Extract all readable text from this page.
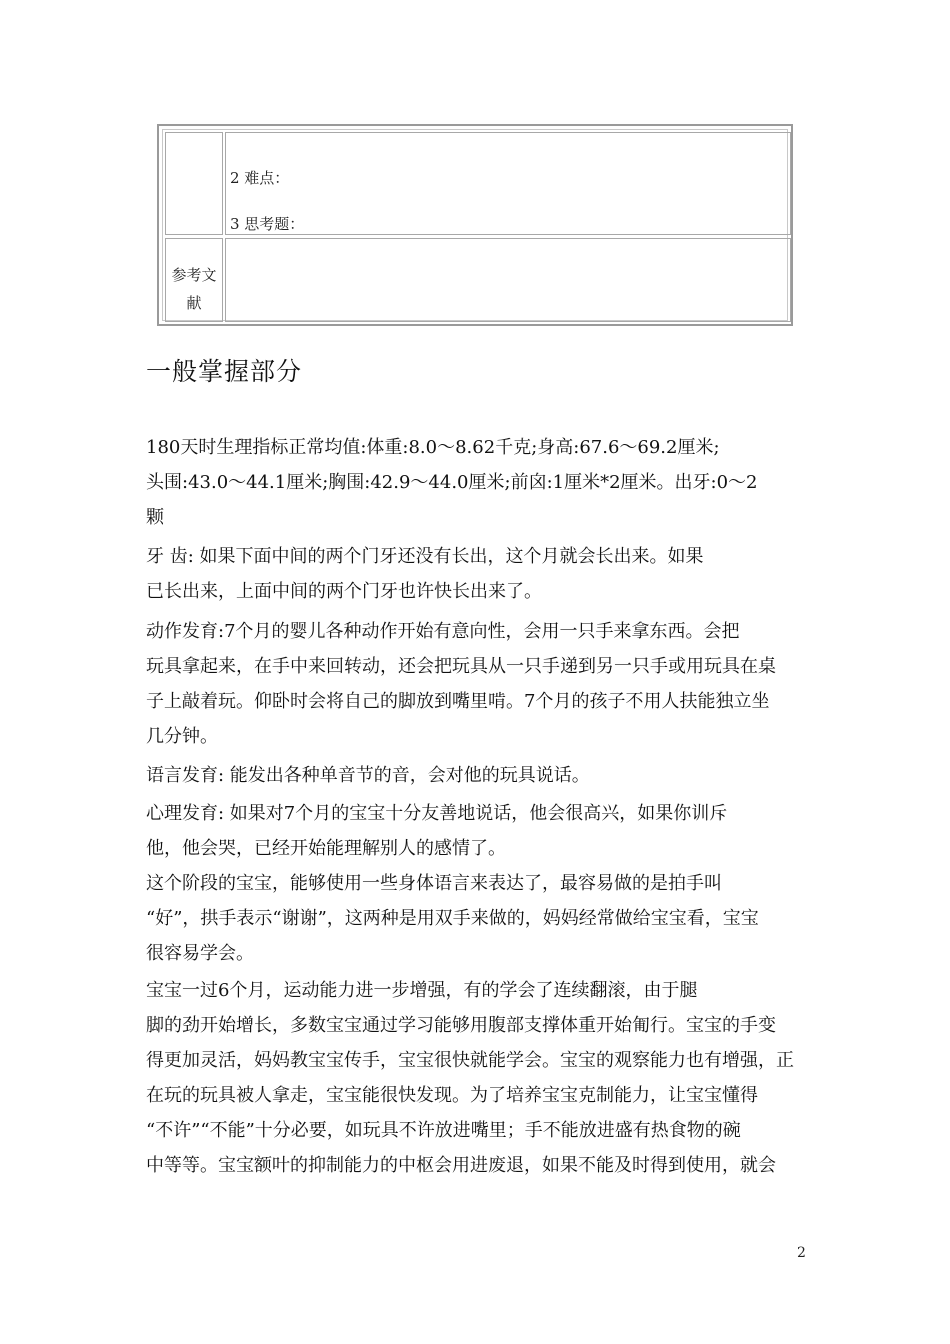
2 难点：
3 思考题：
参考文
献
一般掌握部分
180天时生理指标正常均值:体重:8.0～8.62千克;身高:67.6～69.2厘米;
头围:43.0～44.1厘米;胸围:42.9～44.0厘米;前囟:1厘米*2厘米。出牙:0～2
颗
牙 齿: 如果下面中间的两个门牙还没有长出，这个月就会长出来。如果
已长出来，上面中间的两个门牙也许快长出来了。
动作发育:7个月的婴儿各种动作开始有意向性，会用一只手来拿东西。会把
玩具拿起来，在手中来回转动，还会把玩具从一只手递到另一只手或用玩具在桌
子上敲着玩。仰卧时会将自己的脚放到嘴里啃。7个月的孩子不用人扶能独立坐
几分钟。
语言发育: 能发出各种单音节的音，会对他的玩具说话。
心理发育: 如果对7个月的宝宝十分友善地说话，他会很高兴，如果你训斥
他，他会哭，已经开始能理解别人的感情了。
这个阶段的宝宝，能够使用一些身体语言来表达了，最容易做的是拍手叫
“好”，拱手表示“谢谢”，这两种是用双手来做的，妈妈经常做给宝宝看，宝宝
很容易学会。
宝宝一过6个月，运动能力进一步增强，有的学会了连续翻滚，由于腿
脚的劲开始增长，多数宝宝通过学习能够用腹部支撑体重开始匍行。宝宝的手变
得更加灵活，妈妈教宝宝传手，宝宝很快就能学会。宝宝的观察能力也有增强，正
在玩的玩具被人拿走，宝宝能很快发现。为了培养宝宝克制能力，让宝宝懂得
“不许”“不能”十分必要，如玩具不许放进嘴里；手不能放进盛有热食物的碗
中等等。宝宝额叶的抑制能力的中枢会用进废退，如果不能及时得到使用，就会
2
